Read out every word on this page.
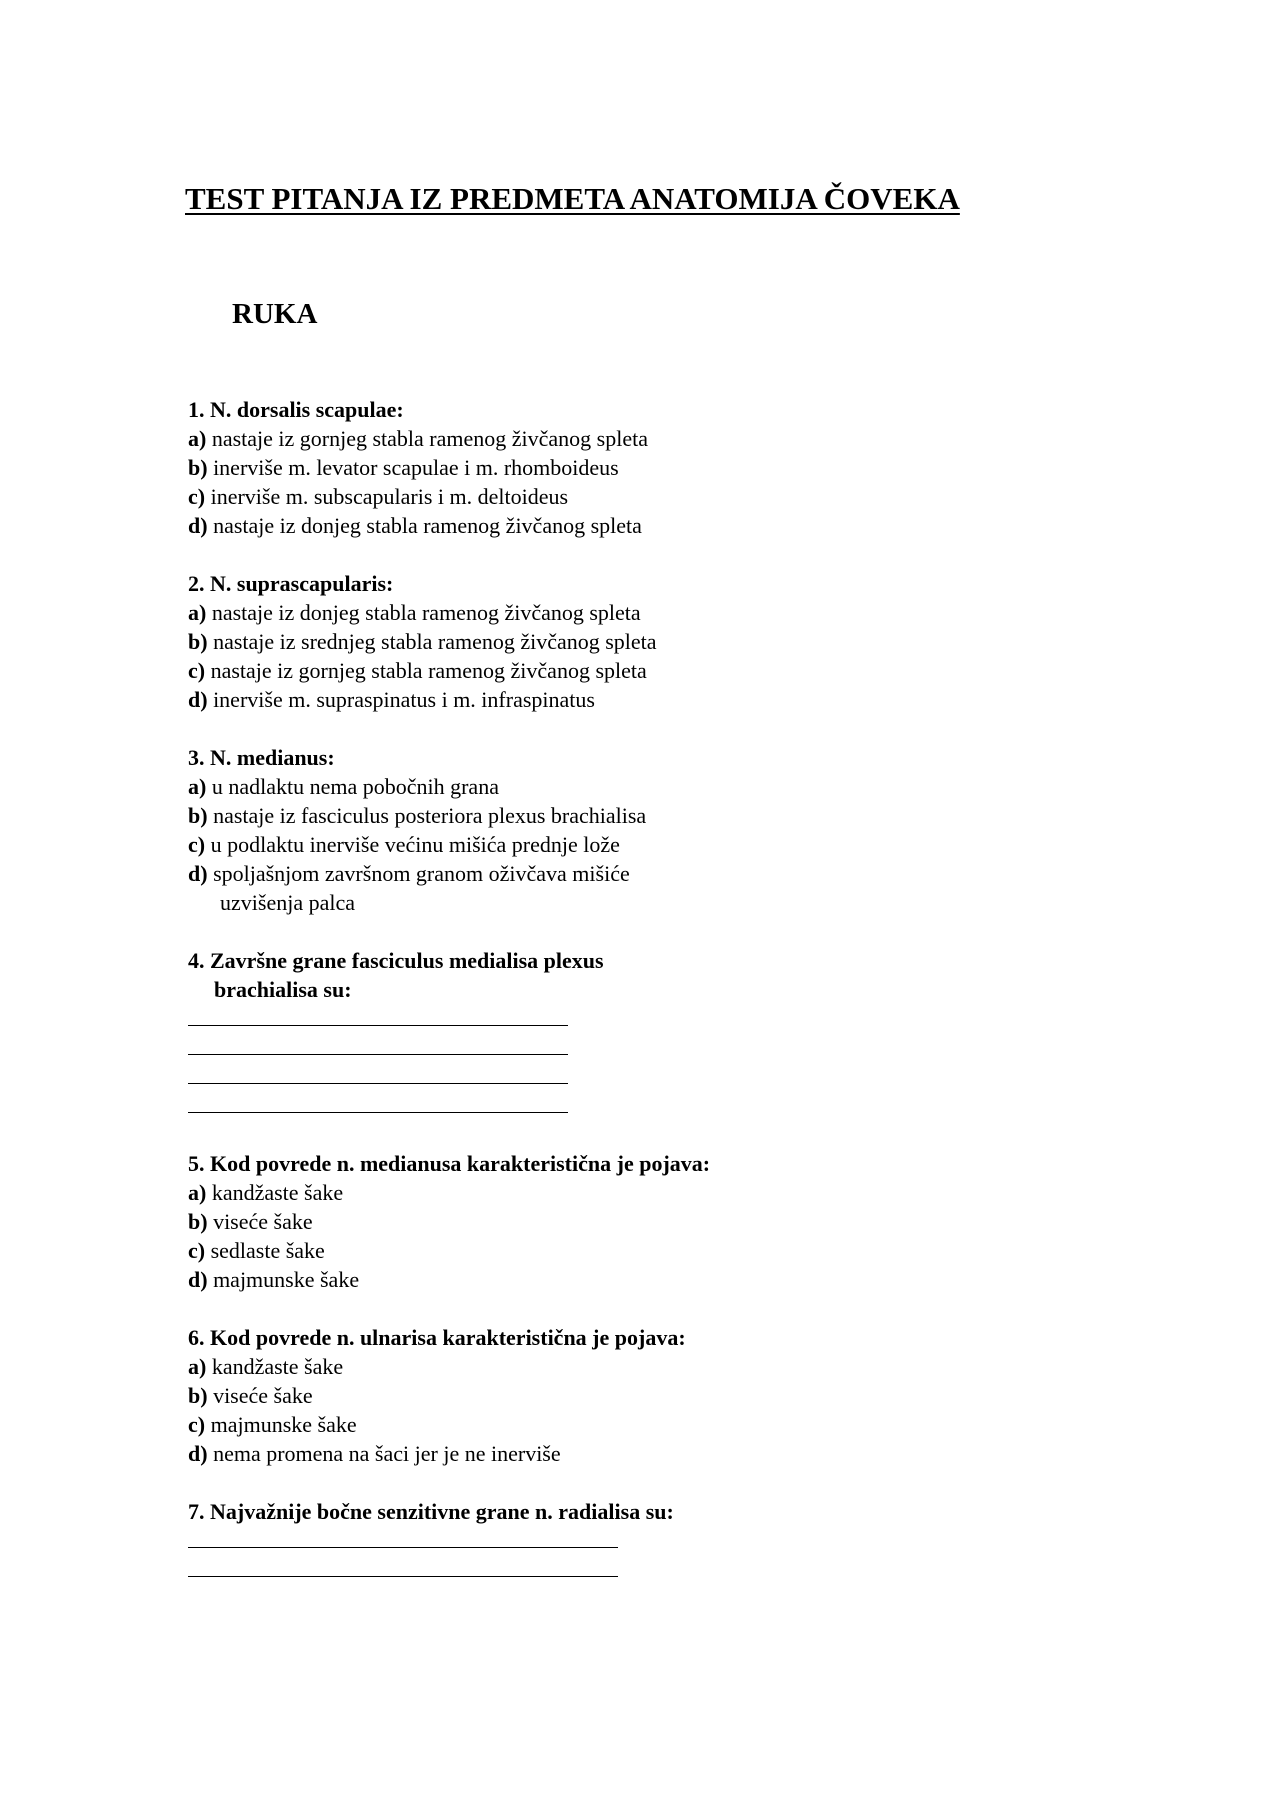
TEST PITANJA IZ PREDMETA ANATOMIJA ČOVEKA
RUKA
1. N. dorsalis scapulae:
a) nastaje iz gornjeg stabla ramenog živčanog spleta
b) inerviše m. levator scapulae i m. rhomboideus
c) inerviše m. subscapularis i m. deltoideus
d) nastaje iz donjeg stabla ramenog živčanog spleta
2. N. suprascapularis:
a) nastaje iz donjeg stabla ramenog živčanog spleta
b) nastaje iz srednjeg stabla ramenog živčanog spleta
c) nastaje iz gornjeg stabla ramenog živčanog spleta
d) inerviše m. supraspinatus i m. infraspinatus
3. N. medianus:
a) u nadlaktu nema pobočnih grana
b) nastaje iz fasciculus posteriora plexus brachialisa
c) u podlaktu inerviše većinu mišića prednje lože
d) spoljašnjom završnom granom oživčava mišiće
uzvišenja palca
4. Završne grane fasciculus medialisa plexus
brachialisa su:
5. Kod povrede n. medianusa karakteristična je pojava:
a) kandžaste šake
b) viseće šake
c) sedlaste šake
d) majmunske šake
6. Kod povrede n. ulnarisa karakteristična je pojava:
a) kandžaste šake
b) viseće šake
c) majmunske šake
d) nema promena na šaci jer je ne inerviše
7. Najvažnije bočne senzitivne grane n. radialisa su:
